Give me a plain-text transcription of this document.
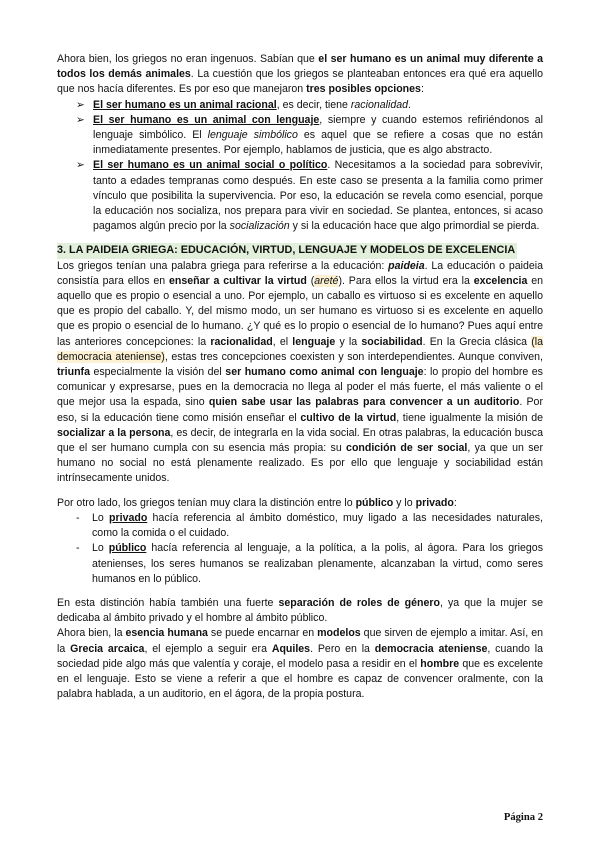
Ahora bien, los griegos no eran ingenuos. Sabían que el ser humano es un animal muy diferente a todos los demás animales. La cuestión que los griegos se planteaban entonces era qué era aquello que nos hacía diferentes. Es por eso que manejaron tres posibles opciones:

➢ El ser humano es un animal racional, es decir, tiene racionalidad.
➢ El ser humano es un animal con lenguaje, siempre y cuando estemos refiriéndonos al lenguaje simbólico. El lenguaje simbólico es aquel que se refiere a cosas que no están inmediatamente presentes. Por ejemplo, hablamos de justicia, que es algo abstracto.
➢ El ser humano es un animal social o político. Necesitamos a la sociedad para sobrevivir, tanto a edades tempranas como después. En este caso se presenta a la familia como primer vínculo que posibilita la supervivencia. Por eso, la educación se revela como esencial, porque la educación nos socializa, nos prepara para vivir en sociedad. Se plantea, entonces, si acaso pagamos algún precio por la socialización y si la educación hace que algo primordial se pierda.
3. LA PAIDEIA GRIEGA: EDUCACIÓN, VIRTUD, LENGUAJE Y MODELOS DE EXCELENCIA

Los griegos tenían una palabra griega para referirse a la educación: paideia. La educación o paideia consistía para ellos en enseñar a cultivar la virtud (areté). Para ellos la virtud era la excelencia en aquello que es propio o esencial a uno. Por ejemplo, un caballo es virtuoso si es excelente en aquello que es propio del caballo. Y, del mismo modo, un ser humano es virtuoso si es excelente en aquello que es propio o esencial de lo humano. ¿Y qué es lo propio o esencial de lo humano? Pues aquí entre las anteriores concepciones: la racionalidad, el lenguaje y la sociabilidad. En la Grecia clásica (la democracia ateniense), estas tres concepciones coexisten y son interdependientes. Aunque conviven, triunfa especialmente la visión del ser humano como animal con lenguaje: lo propio del hombre es comunicar y expresarse, pues en la democracia no llega al poder el más fuerte, el más valiente o el que mejor usa la espada, sino quien sabe usar las palabras para convencer a un auditorio. Por eso, si la educación tiene como misión enseñar el cultivo de la virtud, tiene igualmente la misión de socializar a la persona, es decir, de integrarla en la vida social. En otras palabras, la educación busca que el ser humano cumpla con su esencia más propia: su condición de ser social, ya que un ser humano no social no está plenamente realizado. Es por ello que lenguaje y sociabilidad están intrínsecamente unidos.

Por otro lado, los griegos tenían muy clara la distinción entre lo público y lo privado:

- Lo privado hacía referencia al ámbito doméstico, muy ligado a las necesidades naturales, como la comida o el cuidado.
- Lo público hacía referencia al lenguaje, a la política, a la polis, al ágora. Para los griegos atenienses, los seres humanos se realizaban plenamente, alcanzaban la virtud, como seres humanos en lo público.

En esta distinción había también una fuerte separación de roles de género, ya que la mujer se dedicaba al ámbito privado y el hombre al ámbito público.

Ahora bien, la esencia humana se puede encarnar en modelos que sirven de ejemplo a imitar. Así, en la Grecia arcaica, el ejemplo a seguir era Aquiles. Pero en la democracia ateniense, cuando la sociedad pide algo más que valentía y coraje, el modelo pasa a residir en el hombre que es excelente en el lenguaje. Esto se viene a referir a que el hombre es capaz de convencer oralmente, con la palabra hablada, a un auditorio, en el ágora, de la propia postura.

Página 2
